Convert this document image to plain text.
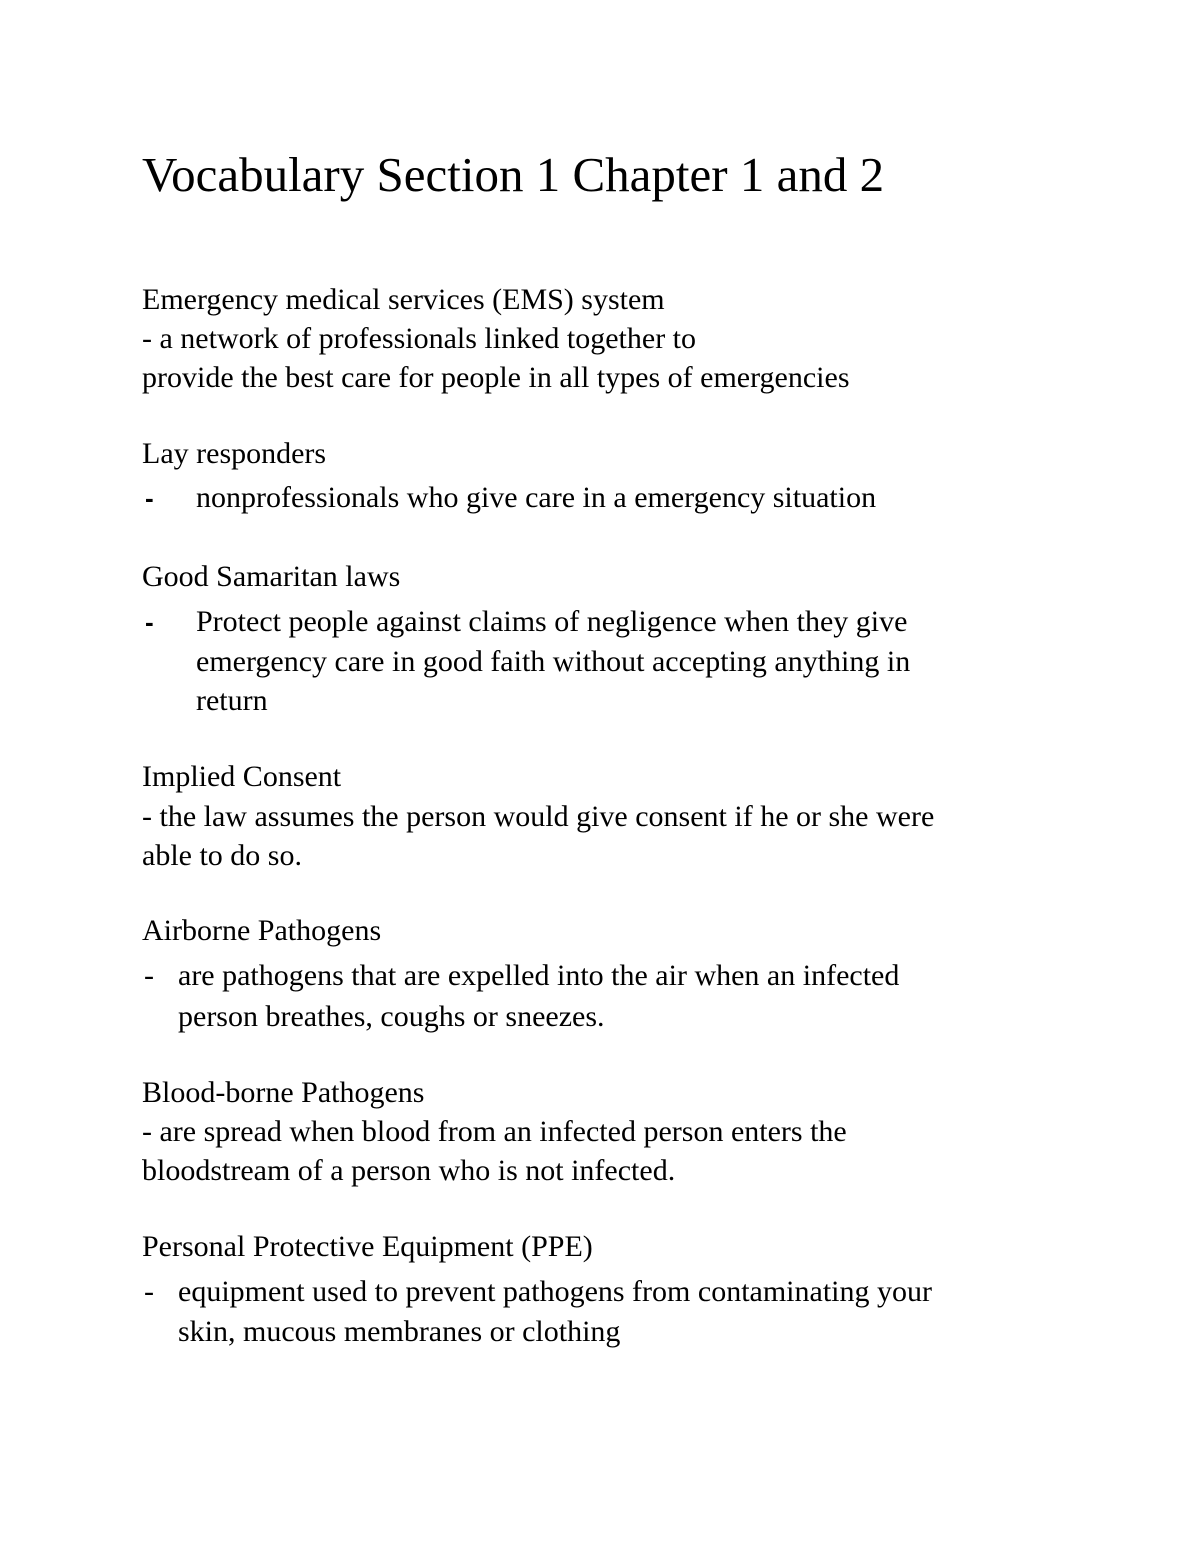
Vocabulary Section 1 Chapter 1 and 2

Emergency medical services (EMS) system

- a network of professionals linked together to

provide the best care for people in all types of emergencies

Lay responders

- nonprofessionals who give care in a emergency situation

Good Samaritan laws

- Protect people against claims of negligence when they give

emergency care in good faith without accepting anything in

return

Implied Consent

- the law assumes the person would give consent if he or she were

able to do so.

Airborne Pathogens

- are pathogens that are expelled into the air when an infected

person breathes, coughs or sneezes.

Blood-borne Pathogens

- are spread when blood from an infected person enters the

bloodstream of a person who is not infected.

Personal Protective Equipment (PPE)

- equipment used to prevent pathogens from contaminating your

skin, mucous membranes or clothing
